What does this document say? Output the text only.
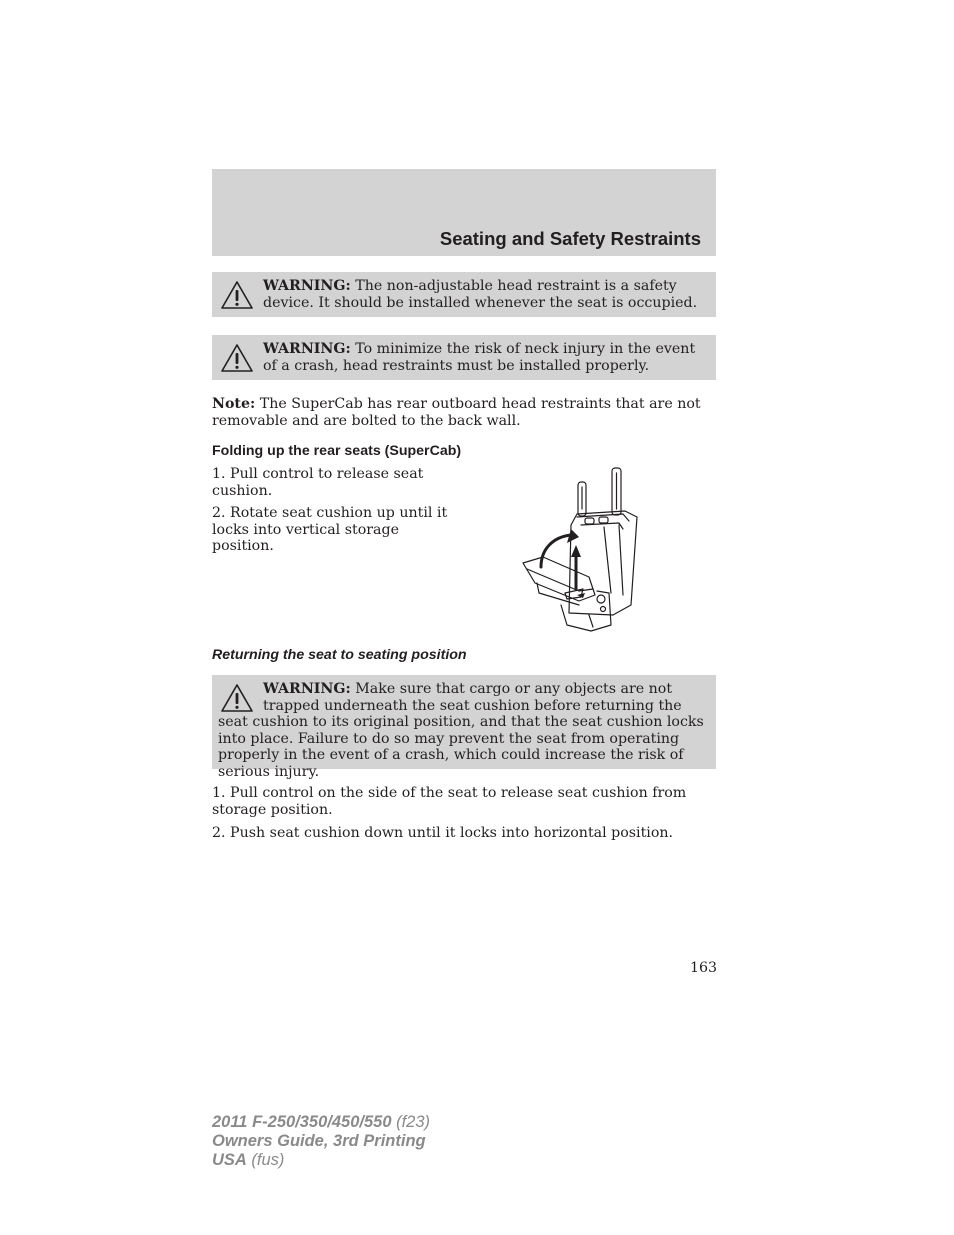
Seating and Safety Restraints
WARNING: The non-adjustable head restraint is a safety device. It should be installed whenever the seat is occupied.
WARNING: To minimize the risk of neck injury in the event of a crash, head restraints must be installed properly.

Note: The SuperCab has rear outboard head restraints that are not removable and are bolted to the back wall.

Folding up the rear seats (SuperCab)

1. Pull control to release seat cushion.

2. Rotate seat cushion up until it locks into vertical storage position.

Returning the seat to seating position
WARNING: Make sure that cargo or any objects are not trapped underneath the seat cushion before returning the seat cushion to its original position, and that the seat cushion locks into place. Failure to do so may prevent the seat from operating properly in the event of a crash, which could increase the risk of serious injury.

1. Pull control on the side of the seat to release seat cushion from storage position.

2. Push seat cushion down until it locks into horizontal position.

163
2011 F-250/350/450/550 (f23)
Owners Guide, 3rd Printing
USA (fus)
